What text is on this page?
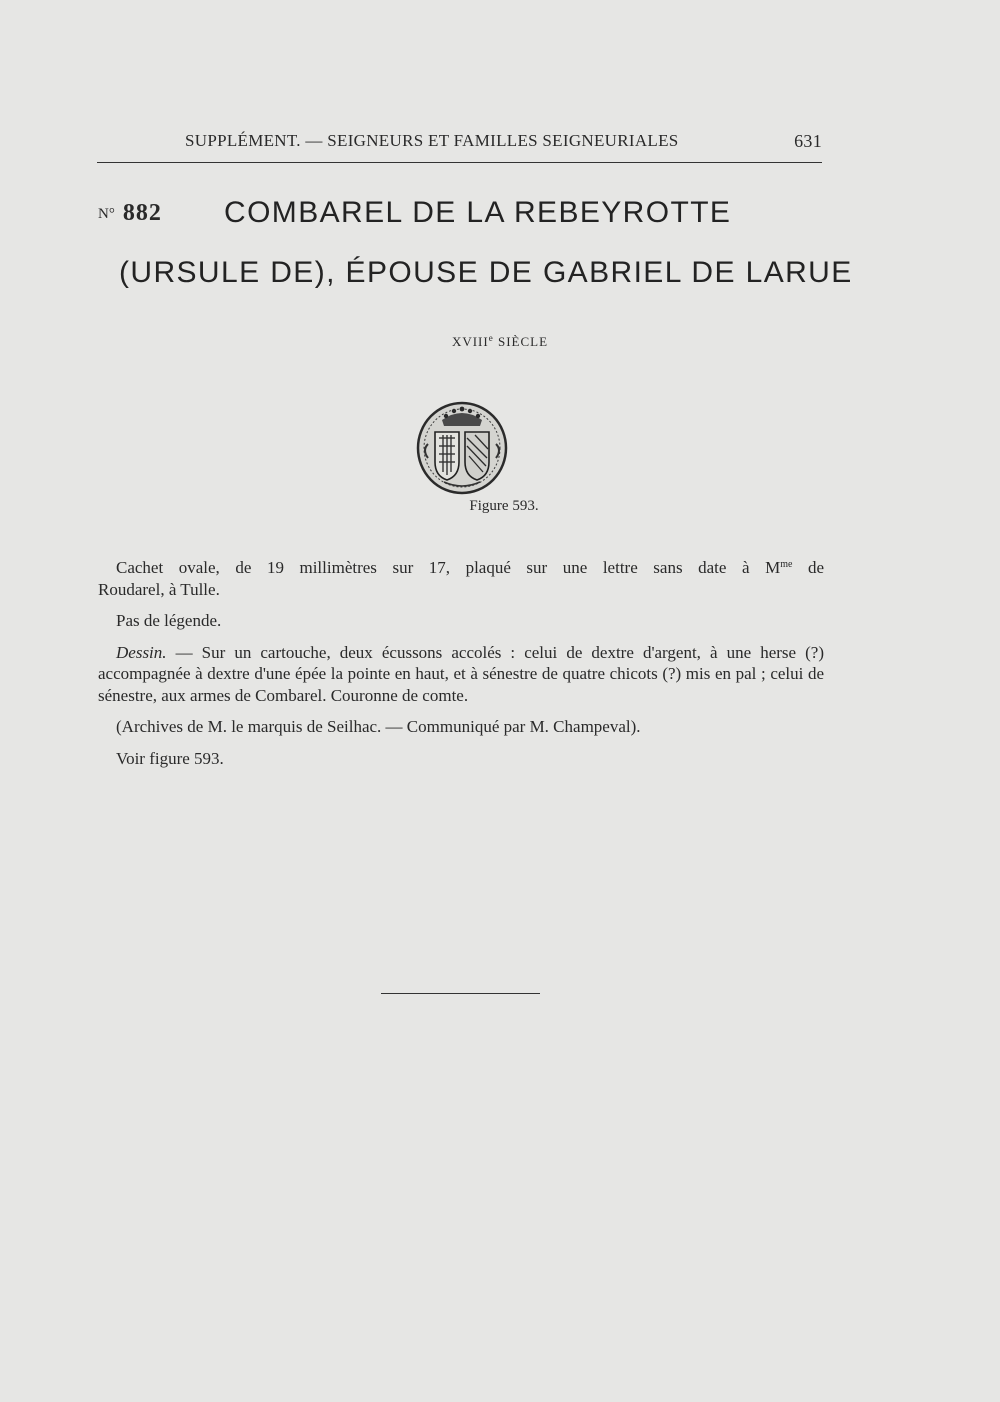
SUPPLÉMENT. — SEIGNEURS ET FAMILLES SEIGNEURIALES	631
N° 882 COMBAREL DE LA REBEYROTTE
(URSULE DE), ÉPOUSE DE GABRIEL DE LARUE
XVIIIe SIÈCLE
Figure 593.

Cachet ovale, de 19 millimètres sur 17, plaqué sur une lettre sans date à $M^{me}$ de

Roudarel, à Tulle.

Pas de légende.

Dessin. — Sur un cartouche, deux écussons accolés : celui de dextre d'argent, à une herse (?) accompagnée à dextre d'une épée la pointe en haut, et à sénestre de quatre chicots (?) mis en pal ; celui de sénestre, aux armes de Combarel. Couronne de comte.

(Archives de M. le marquis de Seilhac. — Communiqué par M. Champeval).

Voir figure 593.
